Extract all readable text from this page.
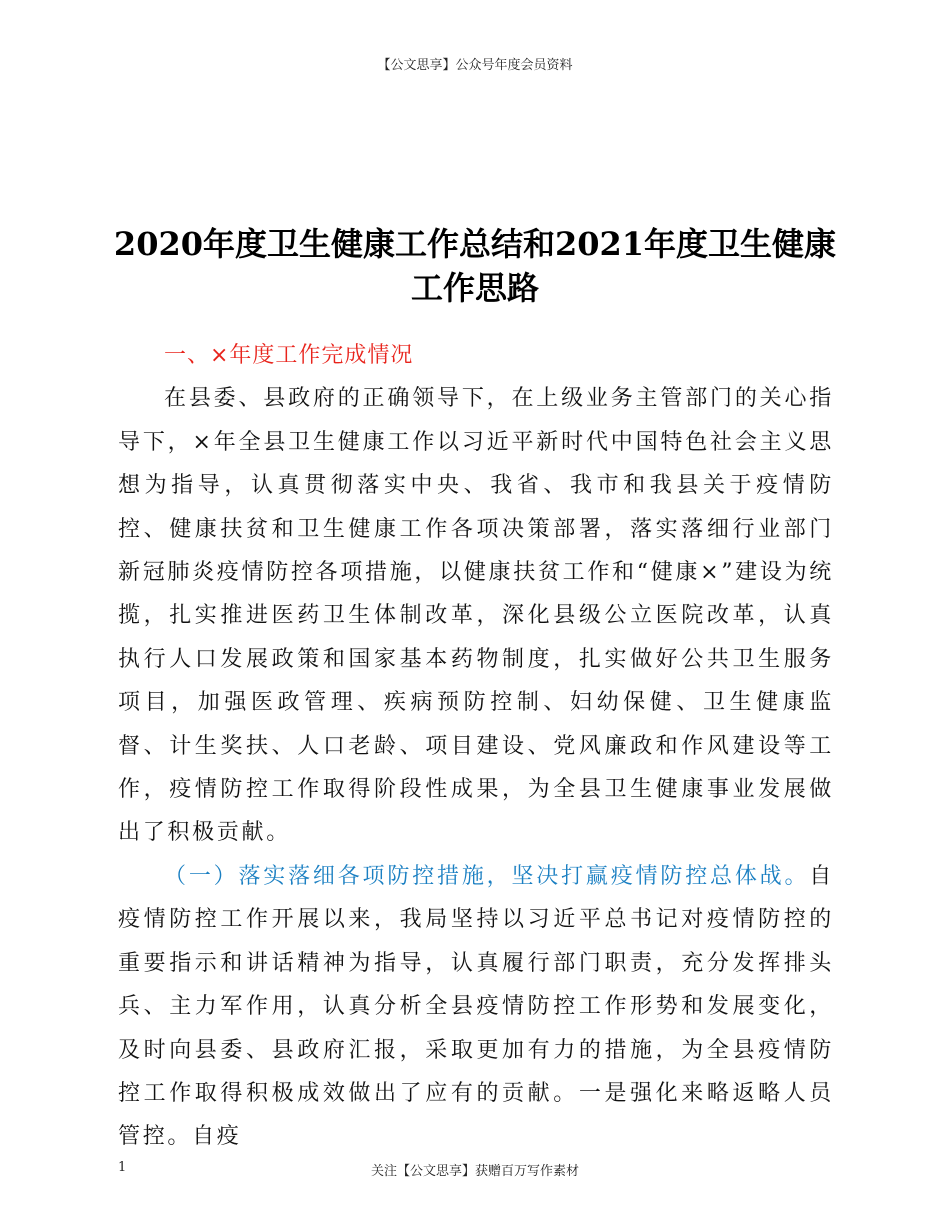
【公文思享】公众号年度会员资料
2020年度卫生健康工作总结和2021年度卫生健康工作思路

一、×年度工作完成情况

在县委、县政府的正确领导下，在上级业务主管部门的关心指导下，×年全县卫生健康工作以习近平新时代中国特色社会主义思想为指导，认真贯彻落实中央、我省、我市和我县关于疫情防控、健康扶贫和卫生健康工作各项决策部署，落实落细行业部门新冠肺炎疫情防控各项措施，以健康扶贫工作和“健康×”建设为统揽，扎实推进医药卫生体制改革，深化县级公立医院改革，认真执行人口发展政策和国家基本药物制度，扎实做好公共卫生服务项目，加强医政管理、疾病预防控制、妇幼保健、卫生健康监督、计生奖扶、人口老龄、项目建设、党风廉政和作风建设等工作，疫情防控工作取得阶段性成果，为全县卫生健康事业发展做出了积极贡献。

（一）落实落细各项防控措施，坚决打赢疫情防控总体战。自疫情防控工作开展以来，我局坚持以习近平总书记对疫情防控的重要指示和讲话精神为指导，认真履行部门职责，充分发挥排头兵、主力军作用，认真分析全县疫情防控工作形势和发展变化，及时向县委、县政府汇报，采取更加有力的措施，为全县疫情防控工作取得积极成效做出了应有的贡献。一是强化来略返略人员管控。自疫

1	关注【公文思享】获赠百万写作素材
